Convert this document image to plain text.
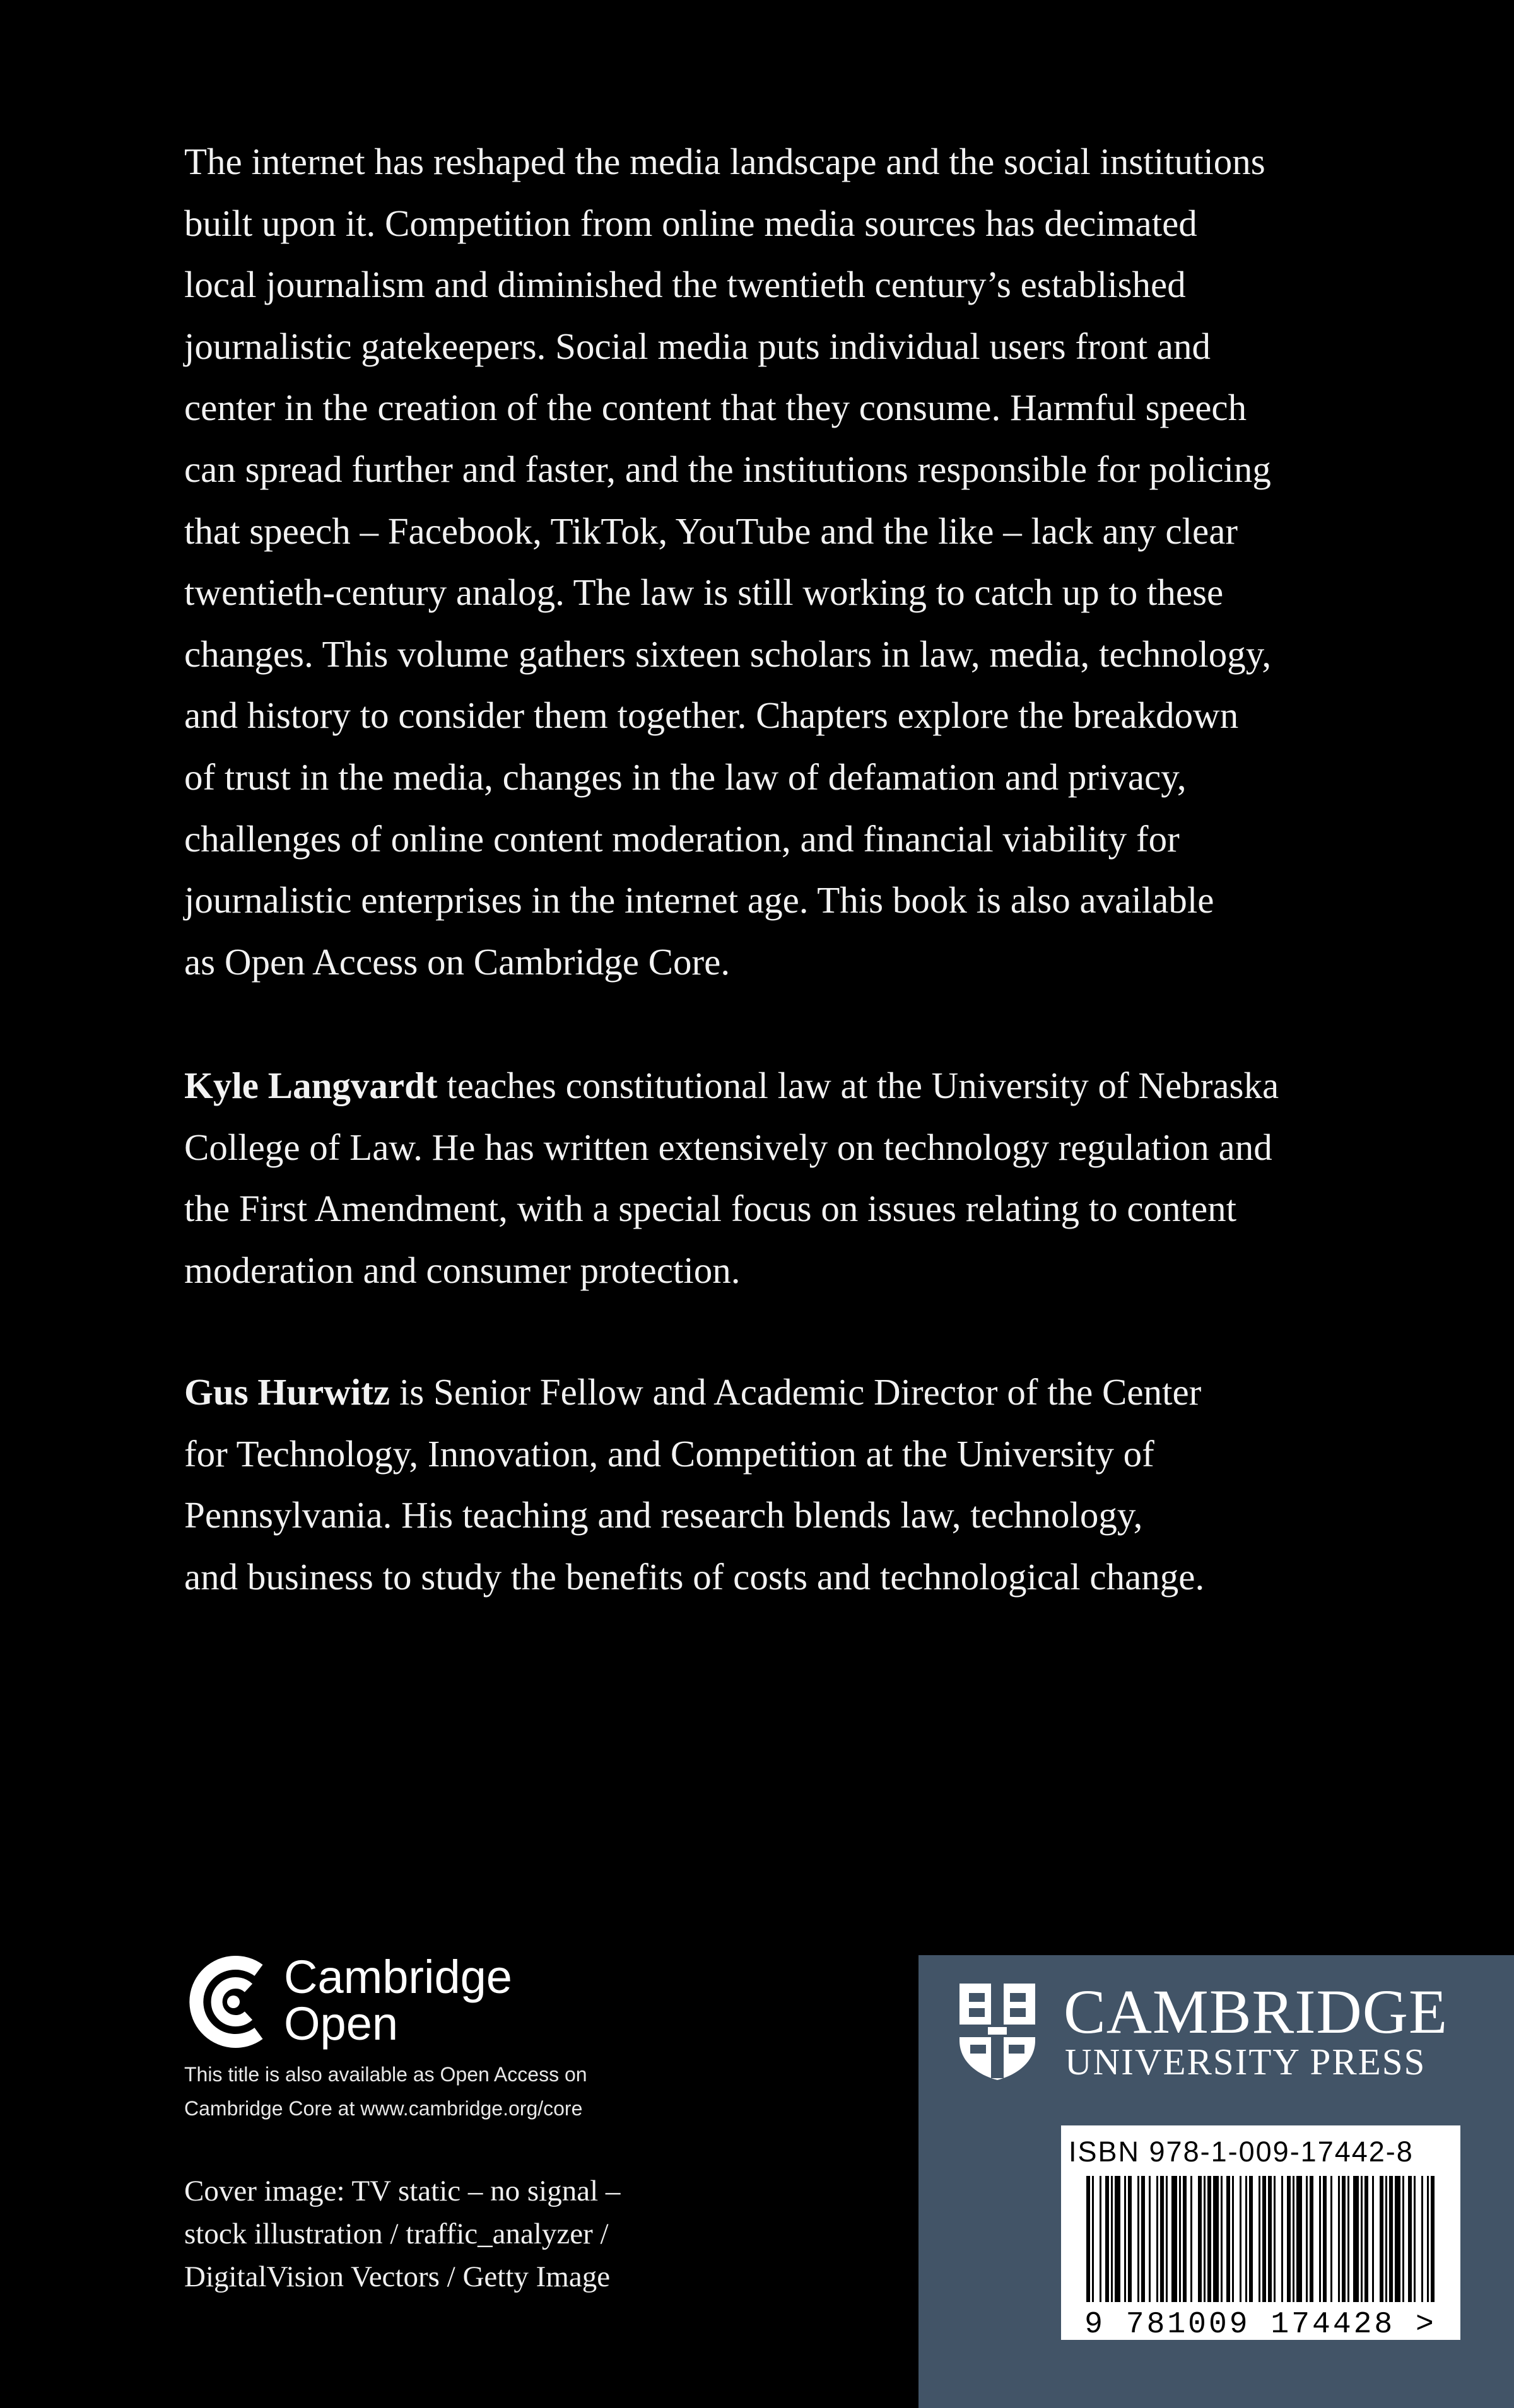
The internet has reshaped the media landscape and the social institutions
built upon it. Competition from online media sources has decimated
local journalism and diminished the twentieth century’s established
journalistic gatekeepers. Social media puts individual users front and
center in the creation of the content that they consume. Harmful speech
can spread further and faster, and the institutions responsible for policing
that speech – Facebook, TikTok, YouTube and the like – lack any clear
twentieth-century analog. The law is still working to catch up to these
changes. This volume gathers sixteen scholars in law, media, technology,
and history to consider them together. Chapters explore the breakdown
of trust in the media, changes in the law of defamation and privacy,
challenges of online content moderation, and financial viability for
journalistic enterprises in the internet age. This book is also available
as Open Access on Cambridge Core.
Kyle Langvardt teaches constitutional law at the University of Nebraska
College of Law. He has written extensively on technology regulation and
the First Amendment, with a special focus on issues relating to content
moderation and consumer protection.
Gus Hurwitz is Senior Fellow and Academic Director of the Center
for Technology, Innovation, and Competition at the University of
Pennsylvania. His teaching and research blends law, technology,
and business to study the benefits of costs and technological change.
Cambridge
Open
This title is also available as Open Access on
Cambridge Core at www.cambridge.org/core
Cover image: TV static – no signal –
stock illustration / traffic_analyzer /
DigitalVision Vectors / Getty Image
CAMBRIDGE
UNIVERSITY PRESS
ISBN 978-1-009-17442-8
9 781009 174428 >
